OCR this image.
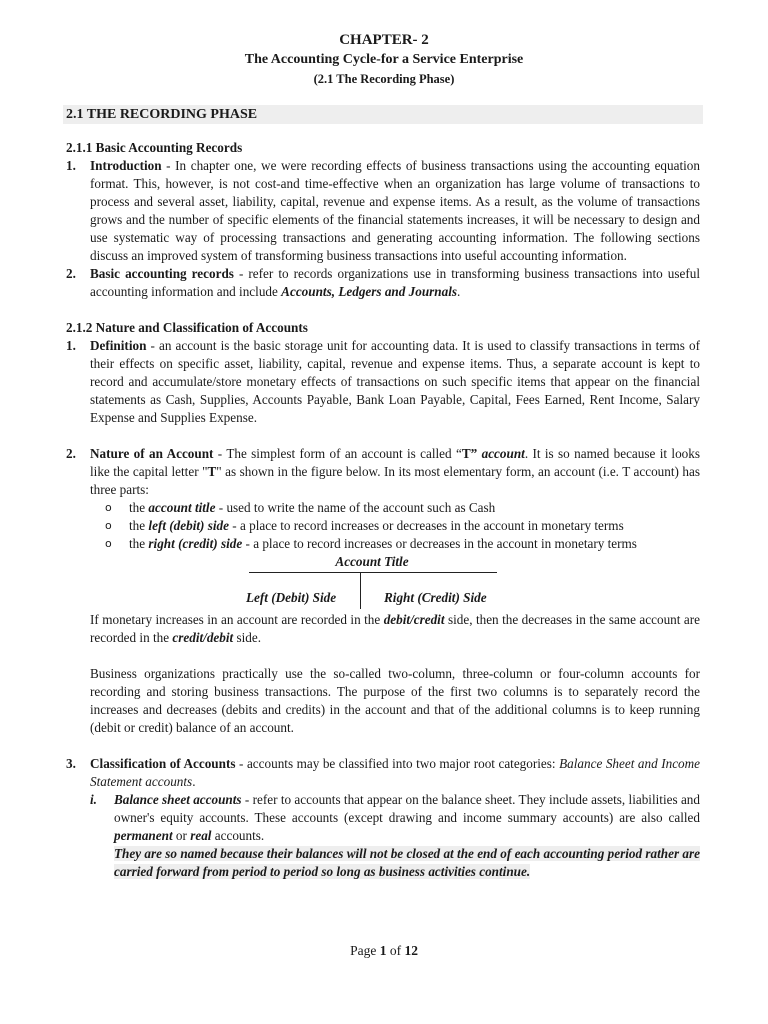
CHAPTER- 2
The Accounting Cycle-for a Service Enterprise
(2.1 The Recording Phase)
2.1 THE RECORDING PHASE

2.1.1 Basic Accounting Records

1. Introduction - In chapter one, we were recording effects of business transactions using the accounting equation format. This, however, is not cost-and time-effective when an organization has large volume of transactions to process and several asset, liability, capital, revenue and expense items. As a result, as the volume of transactions grows and the number of specific elements of the financial statements increases, it will be necessary to design and use systematic way of processing transactions and generating accounting information. The following sections discuss an improved system of transforming business transactions into useful accounting information.

2. Basic accounting records - refer to records organizations use in transforming business transactions into useful accounting information and include Accounts, Ledgers and Journals.

2.1.2 Nature and Classification of Accounts

1. Definition - an account is the basic storage unit for accounting data. It is used to classify transactions in terms of their effects on specific asset, liability, capital, revenue and expense items. Thus, a separate account is kept to record and accumulate/store monetary effects of transactions on such specific items that appear on the financial statements as Cash, Supplies, Accounts Payable, Bank Loan Payable, Capital, Fees Earned, Rent Income, Salary Expense and Supplies Expense.

2. Nature of an Account - The simplest form of an account is called “T” account. It is so named because it looks like the capital letter "T" as shown in the figure below. In its most elementary form, an account (i.e. T account) has three parts:

o the account title - used to write the name of the account such as Cash
o the left (debit) side - a place to record increases or decreases in the account in monetary terms
o the right (credit) side - a place to record increases or decreases in the account in monetary terms
Account Title
Left (Debit) Side	Right (Credit) Side

If monetary increases in an account are recorded in the debit/credit side, then the decreases in the same account are recorded in the credit/debit side.

Business organizations practically use the so-called two-column, three-column or four-column accounts for recording and storing business transactions. The purpose of the first two columns is to separately record the increases and decreases (debits and credits) in the account and that of the additional columns is to keep running (debit or credit) balance of an account.

3. Classification of Accounts - accounts may be classified into two major root categories: Balance Sheet and Income Statement accounts.

i. Balance sheet accounts - refer to accounts that appear on the balance sheet. They include assets, liabilities and owner's equity accounts. These accounts (except drawing and income summary accounts) are also called permanent or real accounts.

They are so named because their balances will not be closed at the end of each accounting period rather are carried forward from period to period so long as business activities continue.

Page 1 of 12
